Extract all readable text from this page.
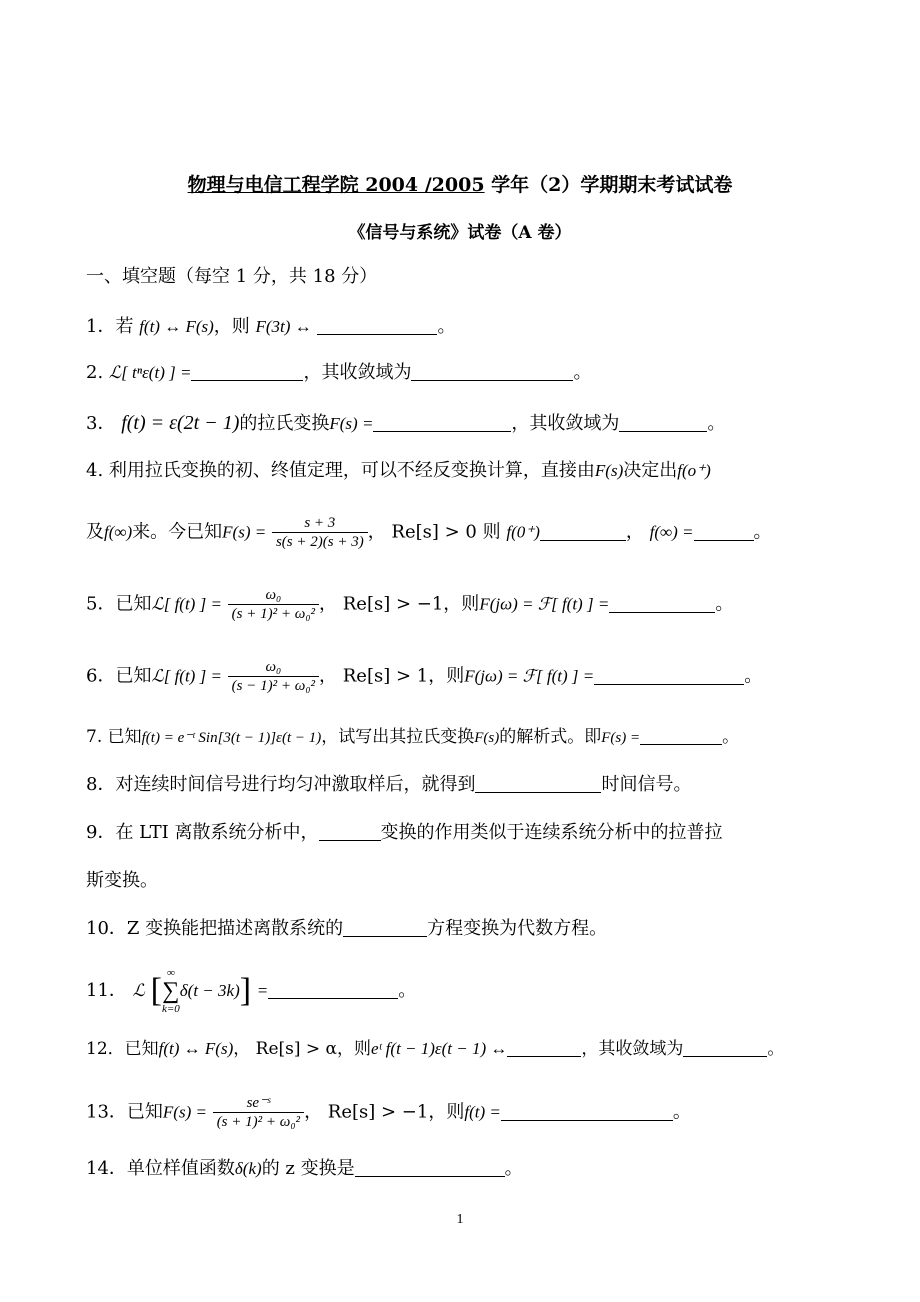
物理与电信工程学院 2004 /2005 学年（2）学期期末考试试卷
《信号与系统》试卷（A 卷）
一、填空题（每空 1 分，共 18 分）
1．若 f(t) ↔ F(s)，则 F(3t) ↔	。
2. ℒ[ tⁿε(t) ] =	，其收敛域为	。
3． f(t) = ε(2t − 1)的拉氏变换F(s) =	，其收敛域为	。
4. 利用拉氏变换的初、终值定理，可以不经反变换计算，直接由F(s)决定出f(o⁺)
及f(∞)来。今已知$F(s) = \frac{s + 3}{s(s + 2)(s + 3)}$ ， Re[s] > 0 则 f(0⁺)	， f(∞) =	。
5．已知ℒ[ f(t) ] = $\frac{\text{ω₀}}{\text{(s + 1)² + ω₀²}}$ ， Re[s] > −1，则F(jω) = ℱ[ f(t) ] =	。
6．已知ℒ[ f(t) ] = $\frac{\text{ω₀}}{\text{(s − 1)² + ω₀²}}$ ， Re[s] > 1，则F(jω) = ℱ[ f(t) ] =	。
7. 已知f(t) = e⁻ᵗ Sin[3(t − 1)]ε(t − 1)，试写出其拉氏变换F(s)的解析式。即F(s) =	。
8．对连续时间信号进行均匀冲激取样后，就得到	时间信号。
9．在 LTI 离散系统分析中，	变换的作用类似于连续系统分析中的拉普拉
斯变换。
10．Z 变换能把描述离散系统的	方程变换为代数方程。
11． ℒ [ ∞
∑
k=0
δ(t − 3k)] =	。
12．已知f(t) ↔ F(s)， Re[s] > α，则eᵗ f(t − 1)ε(t − 1) ↔	，其收敛域为	。
13．已知$F(s) = \frac{\text{se⁻ˢ}}{\text{(s + 1)² + ω₀²}}$ ， Re[s] > −1，则f(t) =	。
14．单位样值函数δ(k)的 z 变换是	。
1
